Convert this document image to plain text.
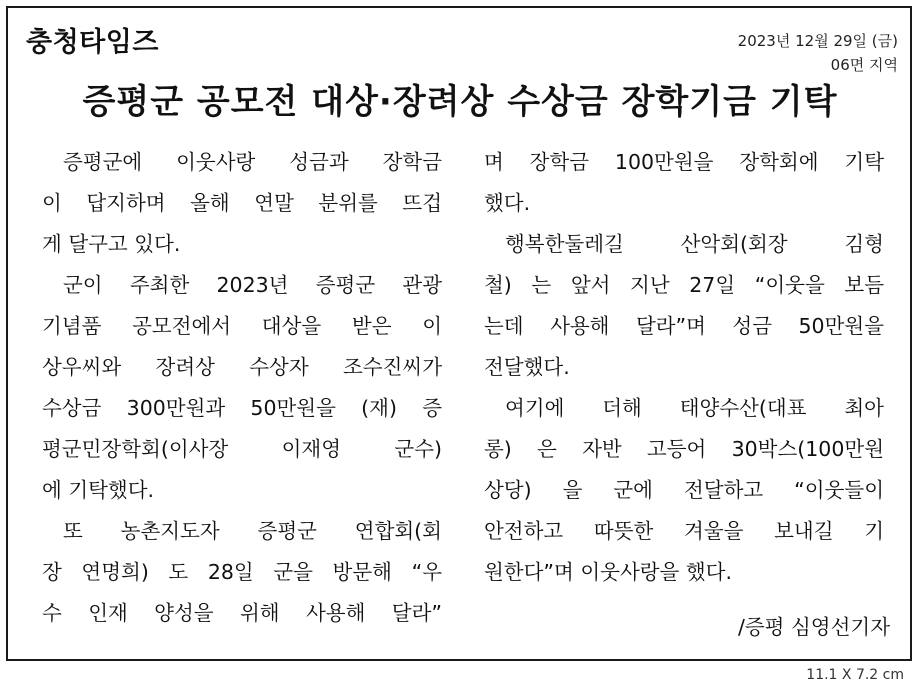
충청타임즈	2023년 12월 29일 (금)
06면 지역
증평군 공모전 대상·장려상 수상금 장학기금 기탁
증평군에 이웃사랑 성금과 장학금
이 답지하며 올해 연말 분위를 뜨겁
게 달구고 있다.
군이 주최한 2023년 증평군 관광
기념품 공모전에서 대상을 받은 이
상우씨와 장려상 수상자 조수진씨가
수상금 300만원과 50만원을 (재) 증
평군민장학회(이사장 이재영 군수)
에 기탁했다.
또 농촌지도자 증평군 연합회(회
장 연명희) 도 28일 군을 방문해 “우
수 인재 양성을 위해 사용해 달라”
며 장학금 100만원을 장학회에 기탁
했다.
행복한둘레길 산악회(회장 김형
철) 는 앞서 지난 27일 “이웃을 보듬
는데 사용해 달라”며 성금 50만원을
전달했다.
여기에 더해 태양수산(대표 최아
롱) 은 자반 고등어 30박스(100만원
상당) 을 군에 전달하고 “이웃들이
안전하고 따뜻한 겨울을 보내길 기
원한다”며 이웃사랑을 했다.
/증평 심영선기자
11.1 X 7.2 cm
